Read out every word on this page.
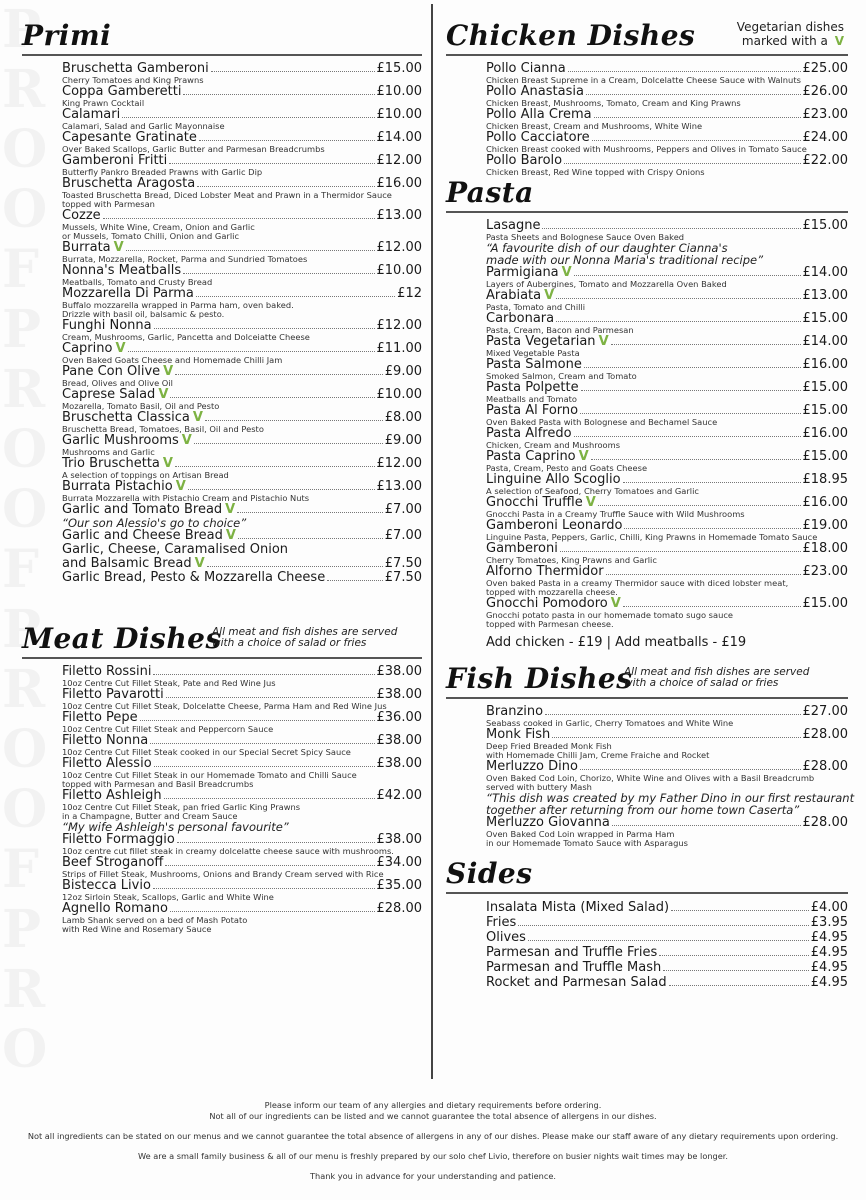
Primi
Bruschetta Gamberoni	£15.00
Cherry Tomatoes and King Prawns
Coppa Gamberetti	£10.00
King Prawn Cocktail
Calamari	£10.00
Calamari, Salad and Garlic Mayonnaise
Capesante Gratinate	£14.00
Over Baked Scallops, Garlic Butter and Parmesan Breadcrumbs
Gamberoni Fritti	£12.00
Butterfly Pankro Breaded Prawns with Garlic Dip
Bruschetta Aragosta	£16.00
Toasted Bruschetta Bread, Diced Lobster Meat and Prawn in a Thermidor Sauce
topped with Parmesan
Cozze	£13.00
Mussels, White Wine, Cream, Onion and Garlic
or Mussels, Tomato Chilli, Onion and Garlic
Burrata V	£12.00
Burrata, Mozzarella, Rocket, Parma and Sundried Tomatoes
Nonna's Meatballs	£10.00
Meatballs, Tomato and Crusty Bread
Mozzarella Di Parma	£12
Buffalo mozzarella wrapped in Parma ham, oven baked.
Drizzle with basil oil, balsamic & pesto.
Funghi Nonna	£12.00
Cream, Mushrooms, Garlic, Pancetta and Dolceiatte Cheese
Caprino V	£11.00
Oven Baked Goats Cheese and Homemade Chilli Jam
Pane Con Olive V	£9.00
Bread, Olives and Olive Oil
Caprese Salad V	£10.00
Mozarella, Tomato Basil, Oil and Pesto
Bruschetta Classica V	£8.00
Bruschetta Bread, Tomatoes, Basil, Oil and Pesto
Garlic Mushrooms V	£9.00
Mushrooms and Garlic
Trio Bruschetta V	£12.00
A selection of toppings on Artisan Bread
Burrata Pistachio V	£13.00
Burrata Mozzarella with Pistachio Cream and Pistachio Nuts
Garlic and Tomato Bread V	£7.00
“Our son Alessio's go to choice”
Garlic and Cheese Bread V	£7.00
Garlic, Cheese, Caramalised Onion
and Balsamic Bread V	£7.50
Garlic Bread, Pesto & Mozzarella Cheese	£7.50
Meat Dishes
All meat and fish dishes are served
with a choice of salad or fries
Filetto Rossini	£38.00
10oz Centre Cut Fillet Steak, Pate and Red Wine Jus
Filetto Pavarotti	£38.00
10oz Centre Cut Fillet Steak, Dolcelatte Cheese, Parma Ham and Red Wine Jus
Filetto Pepe	£36.00
10oz Centre Cut Fillet Steak and Peppercorn Sauce
Filetto Nonna	£38.00
10oz Centre Cut Fillet Steak cooked in our Special Secret Spicy Sauce
Filetto Alessio	£38.00
10oz Centre Cut Fillet Steak in our Homemade Tomato and Chilli Sauce
topped with Parmesan and Basil Breadcrumbs
Filetto Ashleigh	£42.00
10oz Centre Cut Fillet Steak, pan fried Garlic King Prawns
in a Champagne, Butter and Cream Sauce
“My wife Ashleigh's personal favourite”
Filetto Formaggio	£38.00
10oz centre cut fillet steak in creamy dolcelatte cheese sauce with mushrooms.
Beef Stroganoff	£34.00
Strips of Fillet Steak, Mushrooms, Onions and Brandy Cream served with Rice
Bistecca Livio	£35.00
12oz Sirloin Steak, Scallops, Garlic and White Wine
Agnello Romano	£28.00
Lamb Shank served on a bed of Mash Potato
with Red Wine and Rosemary Sauce
Chicken Dishes	Vegetarian dishes
marked with a V
Pollo Cianna	£25.00
Chicken Breast Supreme in a Cream, Dolcelatte Cheese Sauce with Walnuts
Pollo Anastasia	£26.00
Chicken Breast, Mushrooms, Tomato, Cream and King Prawns
Pollo Alla Crema	£23.00
Chicken Breast, Cream and Mushrooms, White Wine
Pollo Cacciatore	£24.00
Chicken Breast cooked with Mushrooms, Peppers and Olives in Tomato Sauce
Pollo Barolo	£22.00
Chicken Breast, Red Wine topped with Crispy Onions
Pasta
Lasagne	£15.00
Pasta Sheets and Bolognese Sauce Oven Baked
“A favourite dish of our daughter Cianna's
made with our Nonna Maria's traditional recipe”
Parmigiana V	£14.00
Layers of Aubergines, Tomato and Mozzarella Oven Baked
Arabiata V	£13.00
Pasta, Tomato and Chilli
Carbonara	£15.00
Pasta, Cream, Bacon and Parmesan
Pasta Vegetarian V	£14.00
Mixed Vegetable Pasta
Pasta Salmone	£16.00
Smoked Salmon, Cream and Tomato
Pasta Polpette	£15.00
Meatballs and Tomato
Pasta Al Forno	£15.00
Oven Baked Pasta with Bolognese and Bechamel Sauce
Pasta Alfredo	£16.00
Chicken, Cream and Mushrooms
Pasta Caprino V	£15.00
Pasta, Cream, Pesto and Goats Cheese
Linguine Allo Scoglio	£18.95
A selection of Seafood, Cherry Tomatoes and Garlic
Gnocchi Truffle V	£16.00
Gnocchi Pasta in a Creamy Truffle Sauce with Wild Mushrooms
Gamberoni Leonardo	£19.00
Linguine Pasta, Peppers, Garlic, Chilli, King Prawns in Homemade Tomato Sauce
Gamberoni	£18.00
Cherry Tomatoes, King Prawns and Garlic
Alforno Thermidor	£23.00
Oven baked Pasta in a creamy Thermidor sauce with diced lobster meat,
topped with mozzarella cheese.
Gnocchi Pomodoro V	£15.00
Gnocchi potato pasta in our homemade tomato sugo sauce
topped with Parmesan cheese.
Add chicken - £19 | Add meatballs - £19
Fish Dishes
All meat and fish dishes are served
with a choice of salad or fries
Branzino	£27.00
Seabass cooked in Garlic, Cherry Tomatoes and White Wine
Monk Fish	£28.00
Deep Fried Breaded Monk Fish
with Homemade Chilli Jam, Creme Fraiche and Rocket
Merluzzo Dino	£28.00
Oven Baked Cod Loin, Chorizo, White Wine and Olives with a Basil Breadcrumb
served with buttery Mash
“This dish was created by my Father Dino in our first restaurant
together after returning from our home town Caserta”
Merluzzo Giovanna	£28.00
Oven Baked Cod Loin wrapped in Parma Ham
in our Homemade Tomato Sauce with Asparagus
Sides
Insalata Mista (Mixed Salad)	£4.00
Fries	£3.95
Olives	£4.95
Parmesan and Truffle Fries	£4.95
Parmesan and Truffle Mash	£4.95
Rocket and Parmesan Salad	£4.95

Please inform our team of any allergies and dietary requirements before ordering.

Not all of our ingredients can be listed and we cannot guarantee the total absence of allergens in our dishes.

Not all ingredients can be stated on our menus and we cannot guarantee the total absence of allergens in any of our dishes. Please make our staff aware of any dietary requirements upon ordering.

We are a small family business & all of our menu is freshly prepared by our solo chef Livio, therefore on busier nights wait times may be longer.

Thank you in advance for your understanding and patience.
